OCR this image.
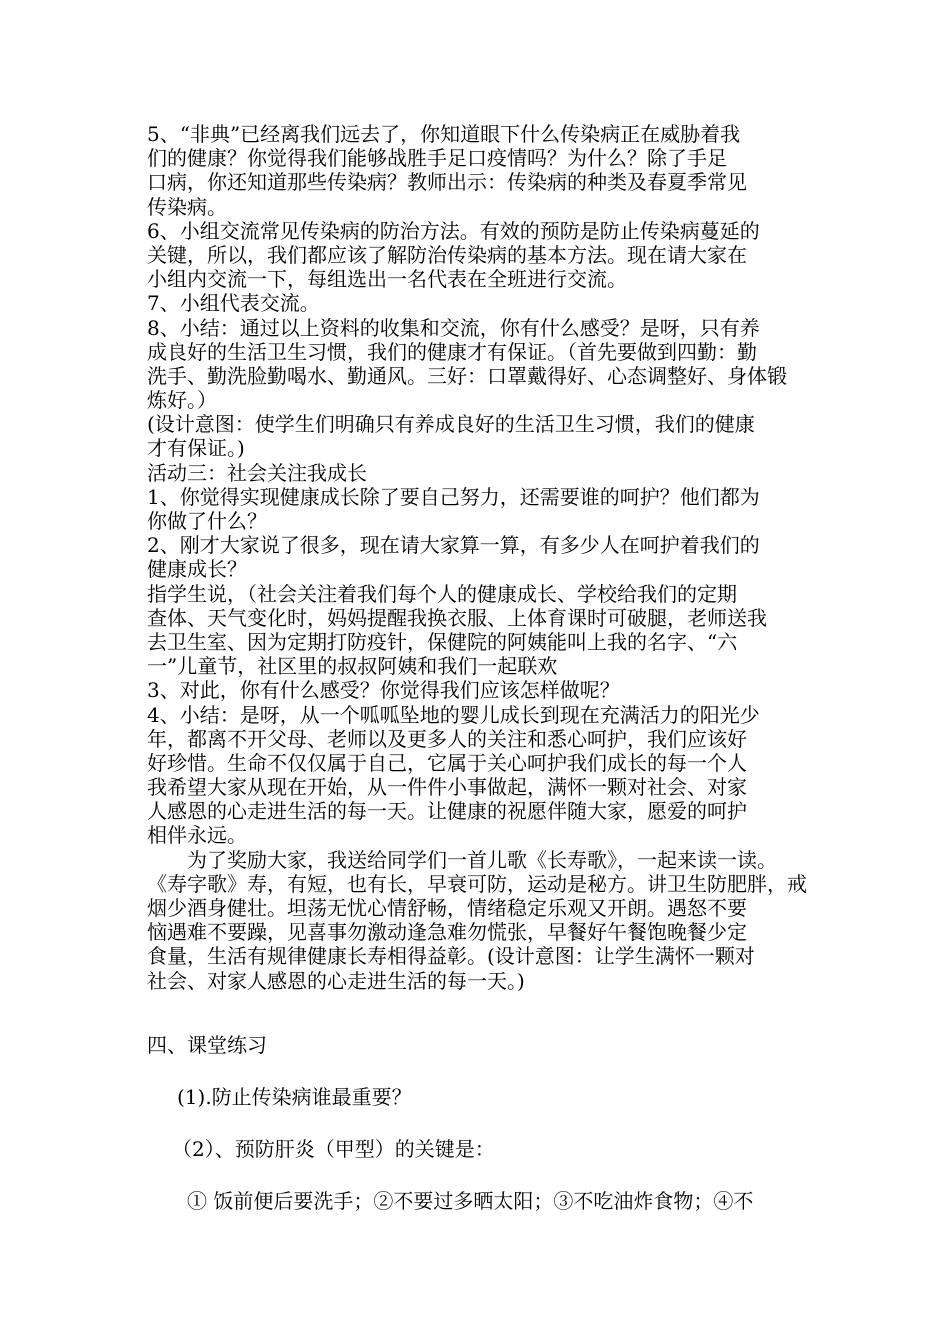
5、“非典”已经离我们远去了，你知道眼下什么传染病正在威胁着我
们的健康？你觉得我们能够战胜手足口疫情吗？为什么？除了手足
口病，你还知道那些传染病？教师出示：传染病的种类及春夏季常见
传染病。
6、小组交流常见传染病的防治方法。有效的预防是防止传染病蔓延的
关键，所以，我们都应该了解防治传染病的基本方法。现在请大家在
小组内交流一下，每组选出一名代表在全班进行交流。
7、小组代表交流。
8、小结：通过以上资料的收集和交流，你有什么感受？是呀，只有养
成良好的生活卫生习惯，我们的健康才有保证。（首先要做到四勤：勤
洗手、勤洗脸勤喝水、勤通风。三好：口罩戴得好、心态调整好、身体锻
炼好。）
(设计意图：使学生们明确只有养成良好的生活卫生习惯，我们的健康
才有保证。)
活动三：社会关注我成长
1、你觉得实现健康成长除了要自己努力，还需要谁的呵护？他们都为
你做了什么？
2、刚才大家说了很多，现在请大家算一算，有多少人在呵护着我们的
健康成长？
指学生说，（社会关注着我们每个人的健康成长、学校给我们的定期
查体、天气变化时，妈妈提醒我换衣服、上体育课时可破腿，老师送我
去卫生室、因为定期打防疫针，保健院的阿姨能叫上我的名字、“六
一”儿童节，社区里的叔叔阿姨和我们一起联欢
3、对此，你有什么感受？你觉得我们应该怎样做呢？
4、小结：是呀，从一个呱呱坠地的婴儿成长到现在充满活力的阳光少
年，都离不开父母、老师以及更多人的关注和悉心呵护，我们应该好
好珍惜。生命不仅仅属于自己，它属于关心呵护我们成长的每一个人
我希望大家从现在开始，从一件件小事做起，满怀一颗对社会、对家
人感恩的心走进生活的每一天。让健康的祝愿伴随大家，愿爱的呵护
相伴永远。
为了奖励大家，我送给同学们一首儿歌《长寿歌》，一起来读一读。
《寿字歌》寿，有短，也有长，早衰可防，运动是秘方。讲卫生防肥胖，戒
烟少酒身健壮。坦荡无忧心情舒畅，情绪稳定乐观又开朗。遇怒不要
恼遇难不要躁，见喜事勿激动逢急难勿慌张，早餐好午餐饱晚餐少定
食量，生活有规律健康长寿相得益彰。(设计意图：让学生满怀一颗对
社会、对家人感恩的心走进生活的每一天。)
四、课堂练习
(1).防止传染病谁最重要？
（2）、预防肝炎（甲型）的关键是：
① 饭前便后要洗手；②不要过多晒太阳；③不吃油炸食物；④不
